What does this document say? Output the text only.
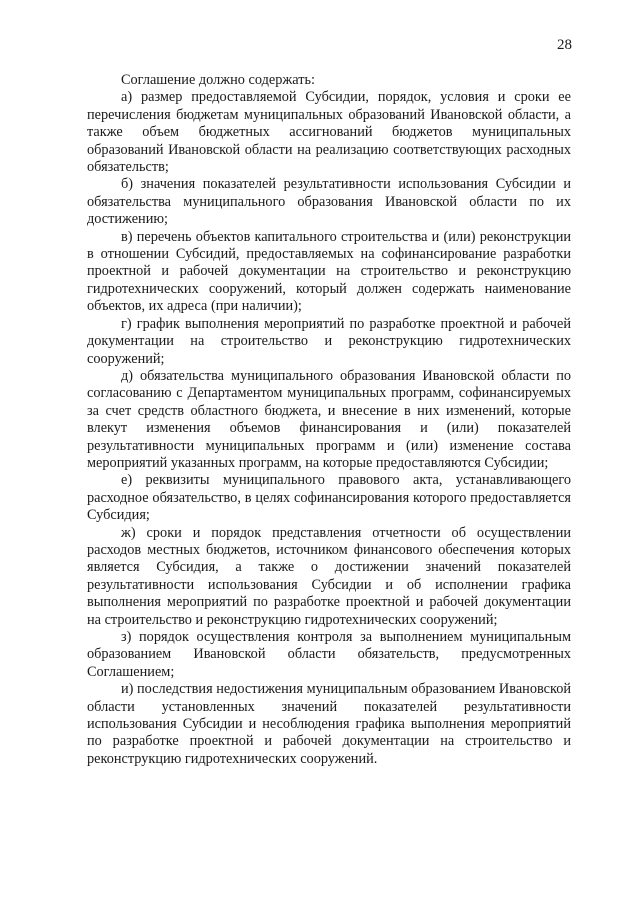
28

Соглашение должно содержать:

а) размер предоставляемой Субсидии, порядок, условия и сроки ее перечисления бюджетам муниципальных образований Ивановской области, а также объем бюджетных ассигнований бюджетов муниципальных образований Ивановской области на реализацию соответствующих расходных обязательств;

б) значения показателей результативности использования Субсидии и обязательства муниципального образования Ивановской области по их достижению;

в) перечень объектов капитального строительства и (или) реконструкции в отношении Субсидий, предоставляемых на софинансирование разработки проектной и рабочей документации на строительство и реконструкцию гидротехнических сооружений, который должен содержать наименование объектов, их адреса (при наличии);

г) график выполнения мероприятий по разработке проектной и рабочей документации на строительство и реконструкцию гидротехнических сооружений;

д) обязательства муниципального образования Ивановской области по согласованию с Департаментом муниципальных программ, софинансируемых за счет средств областного бюджета, и внесение в них изменений, которые влекут изменения объемов финансирования и (или) показателей результативности муниципальных программ и (или) изменение состава мероприятий указанных программ, на которые предоставляются Субсидии;

е) реквизиты муниципального правового акта, устанавливающего расходное обязательство, в целях софинансирования которого предоставляется Субсидия;

ж) сроки и порядок представления отчетности об осуществлении расходов местных бюджетов, источником финансового обеспечения которых является Субсидия, а также о достижении значений показателей результативности использования Субсидии и об исполнении графика выполнения мероприятий по разработке проектной и рабочей документации на строительство и реконструкцию гидротехнических сооружений;

з) порядок осуществления контроля за выполнением муниципальным образованием Ивановской области обязательств, предусмотренных Соглашением;

и) последствия недостижения муниципальным образованием Ивановской области установленных значений показателей результативности использования Субсидии и несоблюдения графика выполнения мероприятий по разработке проектной и рабочей документации на строительство и реконструкцию гидротехнических сооружений.
